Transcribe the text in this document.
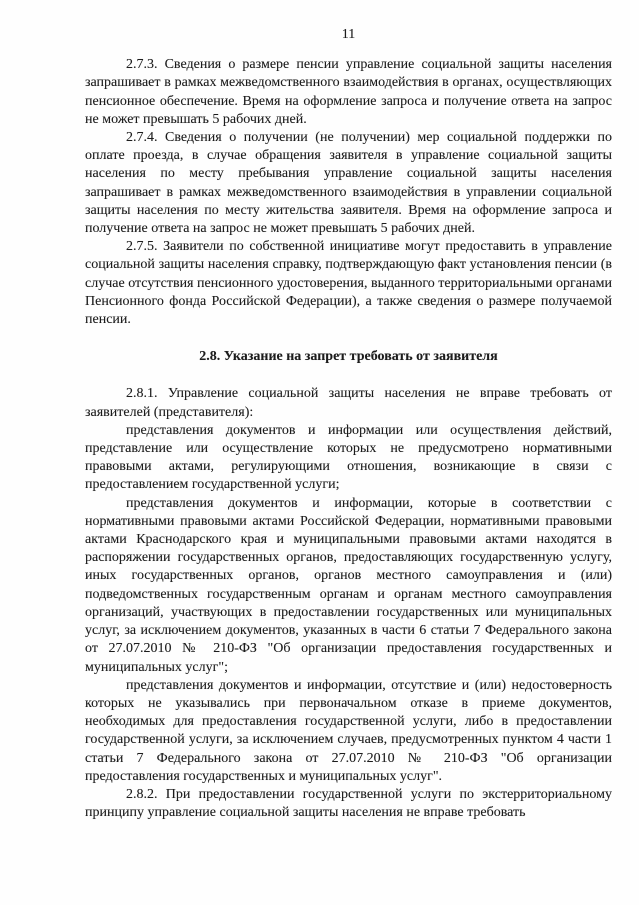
11

2.7.3. Сведения о размере пенсии управление социальной защиты населения запрашивает в рамках межведомственного взаимодействия в органах, осуществляющих пенсионное обеспечение. Время на оформление запроса и получение ответа на запрос не может превышать 5 рабочих дней.

2.7.4. Сведения о получении (не получении) мер социальной поддержки по оплате проезда, в случае обращения заявителя в управление социальной защиты населения по месту пребывания управление социальной защиты населения запрашивает в рамках межведомственного взаимодействия в управлении социальной защиты населения по месту жительства заявителя. Время на оформление запроса и получение ответа на запрос не может превышать 5 рабочих дней.

2.7.5. Заявители по собственной инициативе могут предоставить в управление социальной защиты населения справку, подтверждающую факт установления пенсии (в случае отсутствия пенсионного удостоверения, выданного территориальными органами Пенсионного фонда Российской Федерации), а также сведения о размере получаемой пенсии.

2.8. Указание на запрет требовать от заявителя

2.8.1. Управление социальной защиты населения не вправе требовать от заявителей (представителя):

представления документов и информации или осуществления действий, представление или осуществление которых не предусмотрено нормативными правовыми актами, регулирующими отношения, возникающие в связи с предоставлением государственной услуги;

представления документов и информации, которые в соответствии с нормативными правовыми актами Российской Федерации, нормативными правовыми актами Краснодарского края и муниципальными правовыми актами находятся в распоряжении государственных органов, предоставляющих государственную услугу, иных государственных органов, органов местного самоуправления и (или) подведомственных государственным органам и органам местного самоуправления организаций, участвующих в предоставлении государственных или муниципальных услуг, за исключением документов, указанных в части 6 статьи 7 Федерального закона от 27.07.2010 № 210-ФЗ "Об организации предоставления государственных и муниципальных услуг";

представления документов и информации, отсутствие и (или) недостоверность которых не указывались при первоначальном отказе в приеме документов, необходимых для предоставления государственной услуги, либо в предоставлении государственной услуги, за исключением случаев, предусмотренных пунктом 4 части 1 статьи 7 Федерального закона от 27.07.2010 № 210-ФЗ "Об организации предоставления государственных и муниципальных услуг".

2.8.2. При предоставлении государственной услуги по экстерриториальному принципу управление социальной защиты населения не вправе требовать
